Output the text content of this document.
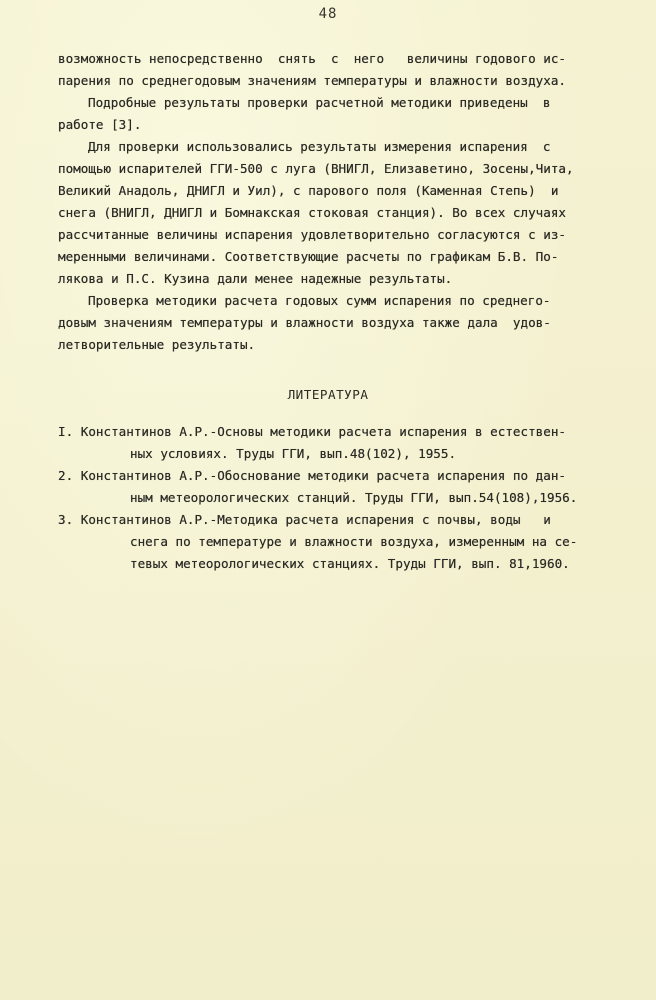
48
возможность непосредственно  снять  с  него   величины годового ис-
парения по среднегодовым значениям температуры и влажности воздуха.
Подробные результаты проверки расчетной методики приведены  в
работе [3].
Для проверки использовались результаты измерения испарения  с
помощью испарителей ГГИ-500 с луга (ВНИГЛ, Елизаветино, Зосены,Чита,
Великий Анадоль, ДНИГЛ и Уил), с парового поля (Каменная Степь)  и
снега (ВНИГЛ, ДНИГЛ и Бомнакская стоковая станция). Во всех случаях
рассчитанные величины испарения удовлетворительно согласуются с из-
меренными величинами. Соответствующие расчеты по графикам Б.В. По-
лякова и П.С. Кузина дали менее надежные результаты.
Проверка методики расчета годовых сумм испарения по среднего-
довым значениям температуры и влажности воздуха также дала  удов-
летворительные результаты.
ЛИТЕРАТУРА
I. Константинов А.Р.-Основы методики расчета испарения в естествен-
ных условиях. Труды ГГИ, вып.48(102), 1955.
2. Константинов А.Р.-Обоснование методики расчета испарения по дан-
ным метеорологических станций. Труды ГГИ, вып.54(108),1956.
3. Константинов А.Р.-Методика расчета испарения с почвы, воды   и
снега по температуре и влажности воздуха, измеренным на се-
тевых метеорологических станциях. Труды ГГИ, вып. 81,1960.
